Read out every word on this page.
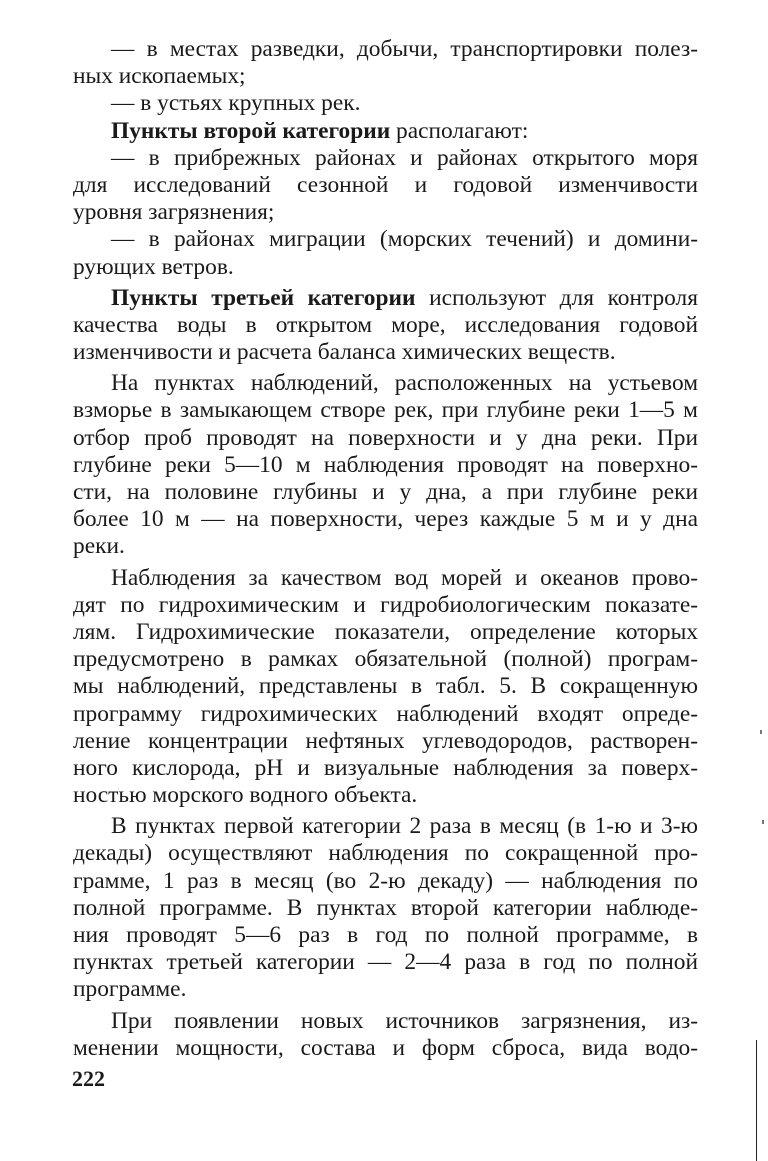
— в местах разведки, добычи, транспортировки полез-
ных ископаемых;
— в устьях крупных рек.
Пункты второй категории располагают:
— в прибрежных районах и районах открытого моря
для исследований сезонной и годовой изменчивости
уровня загрязнения;
— в районах миграции (морских течений) и домини-
рующих ветров.
Пункты третьей категории используют для контроля
качества воды в открытом море, исследования годовой
изменчивости и расчета баланса химических веществ.
На пунктах наблюдений, расположенных на устьевом
взморье в замыкающем створе рек, при глубине реки 1—5 м
отбор проб проводят на поверхности и у дна реки. При
глубине реки 5—10 м наблюдения проводят на поверхно-
сти, на половине глубины и у дна, а при глубине реки
более 10 м — на поверхности, через каждые 5 м и у дна
реки.
Наблюдения за качеством вод морей и океанов прово-
дят по гидрохимическим и гидробиологическим показате-
лям. Гидрохимические показатели, определение которых
предусмотрено в рамках обязательной (полной) програм-
мы наблюдений, представлены в табл. 5. В сокращенную
программу гидрохимических наблюдений входят опреде-
ление концентрации нефтяных углеводородов, растворен-
ного кислорода, pH и визуальные наблюдения за поверх-
ностью морского водного объекта.
В пунктах первой категории 2 раза в месяц (в 1-ю и 3-ю
декады) осуществляют наблюдения по сокращенной про-
грамме, 1 раз в месяц (во 2-ю декаду) — наблюдения по
полной программе. В пунктах второй категории наблюде-
ния проводят 5—6 раз в год по полной программе, в
пунктах третьей категории — 2—4 раза в год по полной
программе.
При появлении новых источников загрязнения, из-
менении мощности, состава и форм сброса, вида водо-
222
